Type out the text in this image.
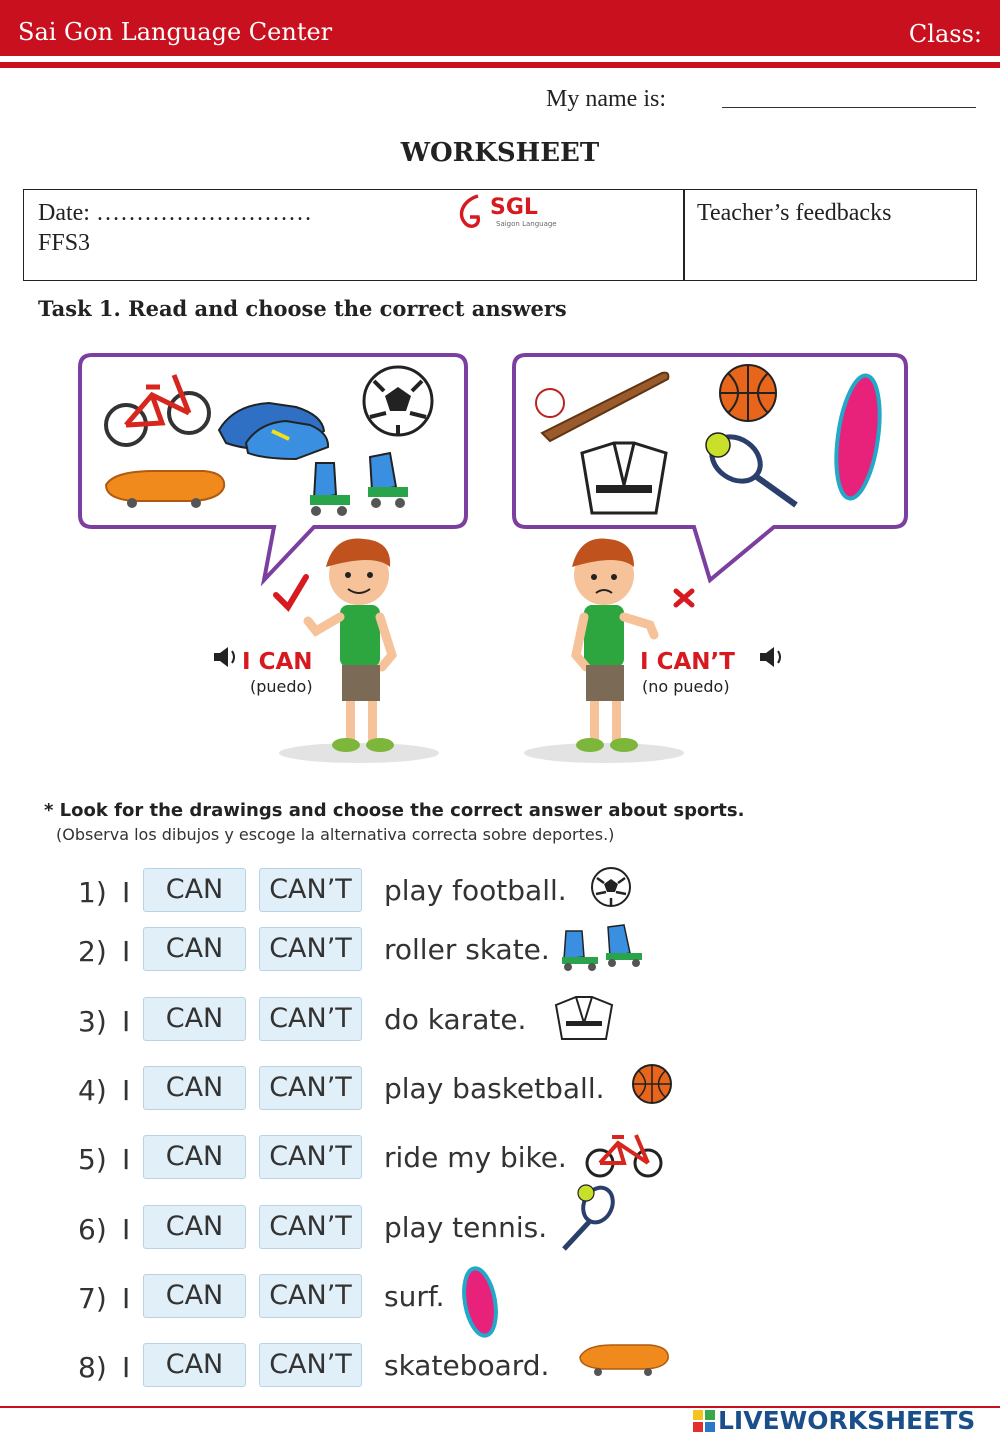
Sai Gon Language Center	Class:
My name is:
WORKSHEET
Date: ………………………
FFS3
SGL
Saigon Language	Teacher’s feedbacks
Task 1. Read and choose the correct answers
I CAN
(puedo)
I CAN’T
(no puedo)
* Look for the drawings and choose the correct answer about sports.
(Observa los dibujos y escoge la alternativa correcta sobre deportes.)
1) I	CAN	CAN’T	play football.
2) I	CAN	CAN’T	roller skate.
3) I	CAN	CAN’T	do karate.
4) I	CAN	CAN’T	play basketball.
5) I	CAN	CAN’T	ride my bike.
6) I	CAN	CAN’T	play tennis.
7) I	CAN	CAN’T	surf.
8) I	CAN	CAN’T	skateboard.
LIVEWORKSHEETS
